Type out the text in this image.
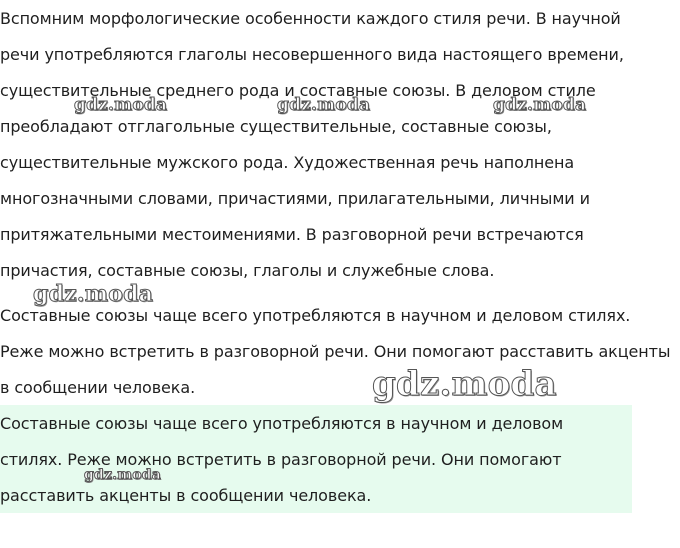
Вспомним морфологические особенности каждого стиля речи. В научной
речи употребляются глаголы несовершенного вида настоящего времени,
существительные среднего рода и составные союзы. В деловом стиле
преобладают отглагольные существительные, составные союзы,
существительные мужского рода. Художественная речь наполнена
многозначными словами, причастиями, прилагательными, личными и
притяжательными местоимениями. В разговорной речи встречаются
причастия, составные союзы, глаголы и служебные слова.
Составные союзы чаще всего употребляются в научном и деловом стилях.
Реже можно встретить в разговорной речи. Они помогают расставить акценты
в сообщении человека.
Составные союзы чаще всего употребляются в научном и деловом
стилях. Реже можно встретить в разговорной речи. Они помогают
расставить акценты в сообщении человека.
gdz.moda	gdz.moda	gdz.moda
gdz.moda
gdz.moda
gdz.moda
